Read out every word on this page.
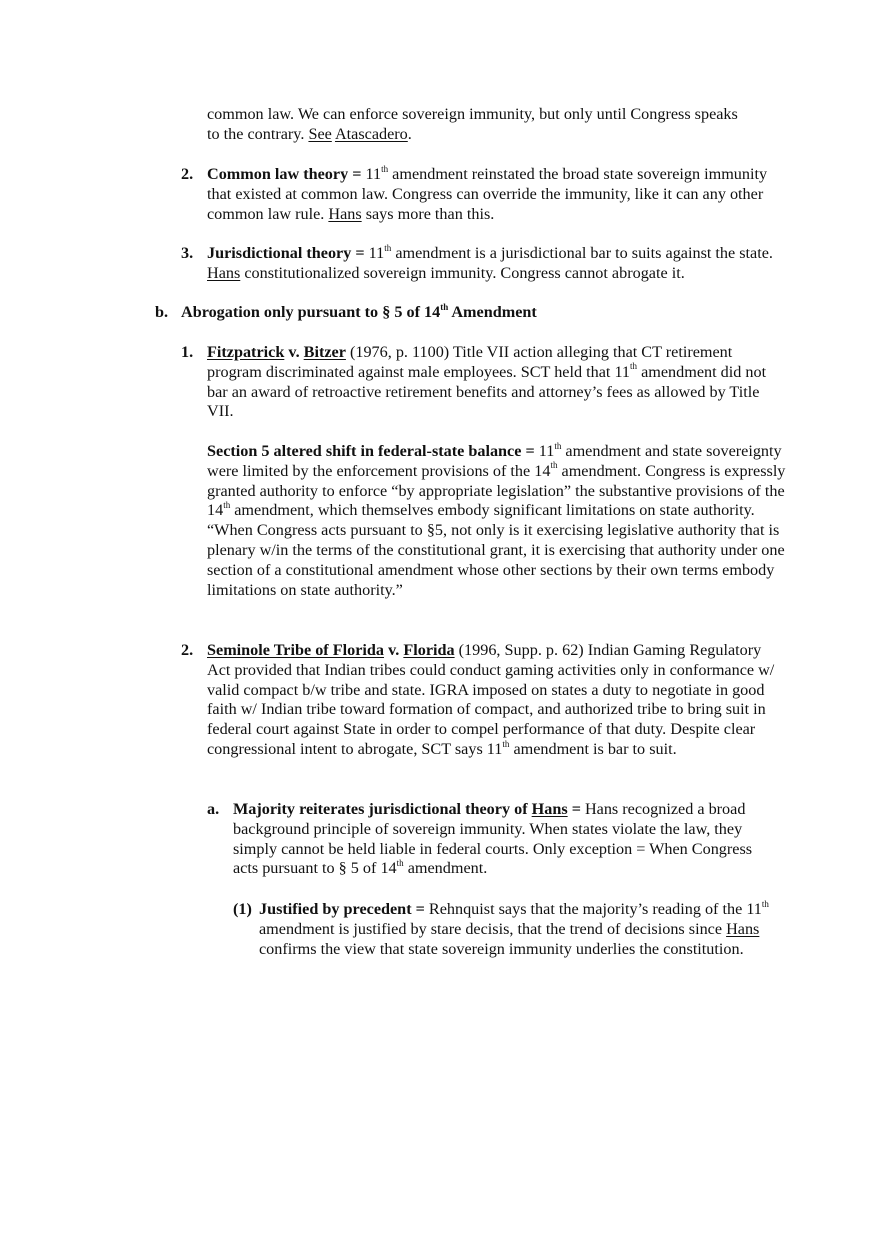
common law. We can enforce sovereign immunity, but only until Congress speaks to the contrary. See Atascadero.

2. Common law theory = 11th amendment reinstated the broad state sovereign immunity that existed at common law. Congress can override the immunity, like it can any other common law rule. Hans says more than this.

3. Jurisdictional theory = 11th amendment is a jurisdictional bar to suits against the state. Hans constitutionalized sovereign immunity. Congress cannot abrogate it.

b. Abrogation only pursuant to § 5 of 14th Amendment

1. Fitzpatrick v. Bitzer (1976, p. 1100) Title VII action alleging that CT retirement program discriminated against male employees. SCT held that 11th amendment did not bar an award of retroactive retirement benefits and attorney’s fees as allowed by Title VII.

Section 5 altered shift in federal-state balance = 11th amendment and state sovereignty were limited by the enforcement provisions of the 14th amendment. Congress is expressly granted authority to enforce “by appropriate legislation” the substantive provisions of the 14th amendment, which themselves embody significant limitations on state authority. “When Congress acts pursuant to §5, not only is it exercising legislative authority that is plenary w/in the terms of the constitutional grant, it is exercising that authority under one section of a constitutional amendment whose other sections by their own terms embody limitations on state authority.”

2. Seminole Tribe of Florida v. Florida (1996, Supp. p. 62) Indian Gaming Regulatory Act provided that Indian tribes could conduct gaming activities only in conformance w/ valid compact b/w tribe and state. IGRA imposed on states a duty to negotiate in good faith w/ Indian tribe toward formation of compact, and authorized tribe to bring suit in federal court against State in order to compel performance of that duty. Despite clear congressional intent to abrogate, SCT says 11th amendment is bar to suit.

a. Majority reiterates jurisdictional theory of Hans = Hans recognized a broad background principle of sovereign immunity. When states violate the law, they simply cannot be held liable in federal courts. Only exception = When Congress acts pursuant to § 5 of 14th amendment.

(1) Justified by precedent = Rehnquist says that the majority’s reading of the 11th amendment is justified by stare decisis, that the trend of decisions since Hans confirms the view that state sovereign immunity underlies the constitution.
